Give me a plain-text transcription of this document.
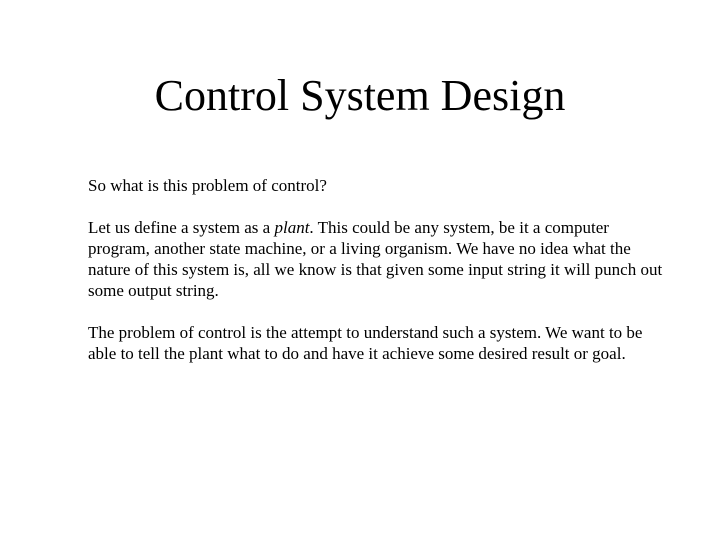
Control System Design

So what is this problem of control?

Let us define a system as a plant. This could be any system, be it a computer program, another state machine, or a living organism. We have no idea what the nature of this system is, all we know is that given some input string it will punch out some output string.

The problem of control is the attempt to understand such a system. We want to be able to tell the plant what to do and have it achieve some desired result or goal.
